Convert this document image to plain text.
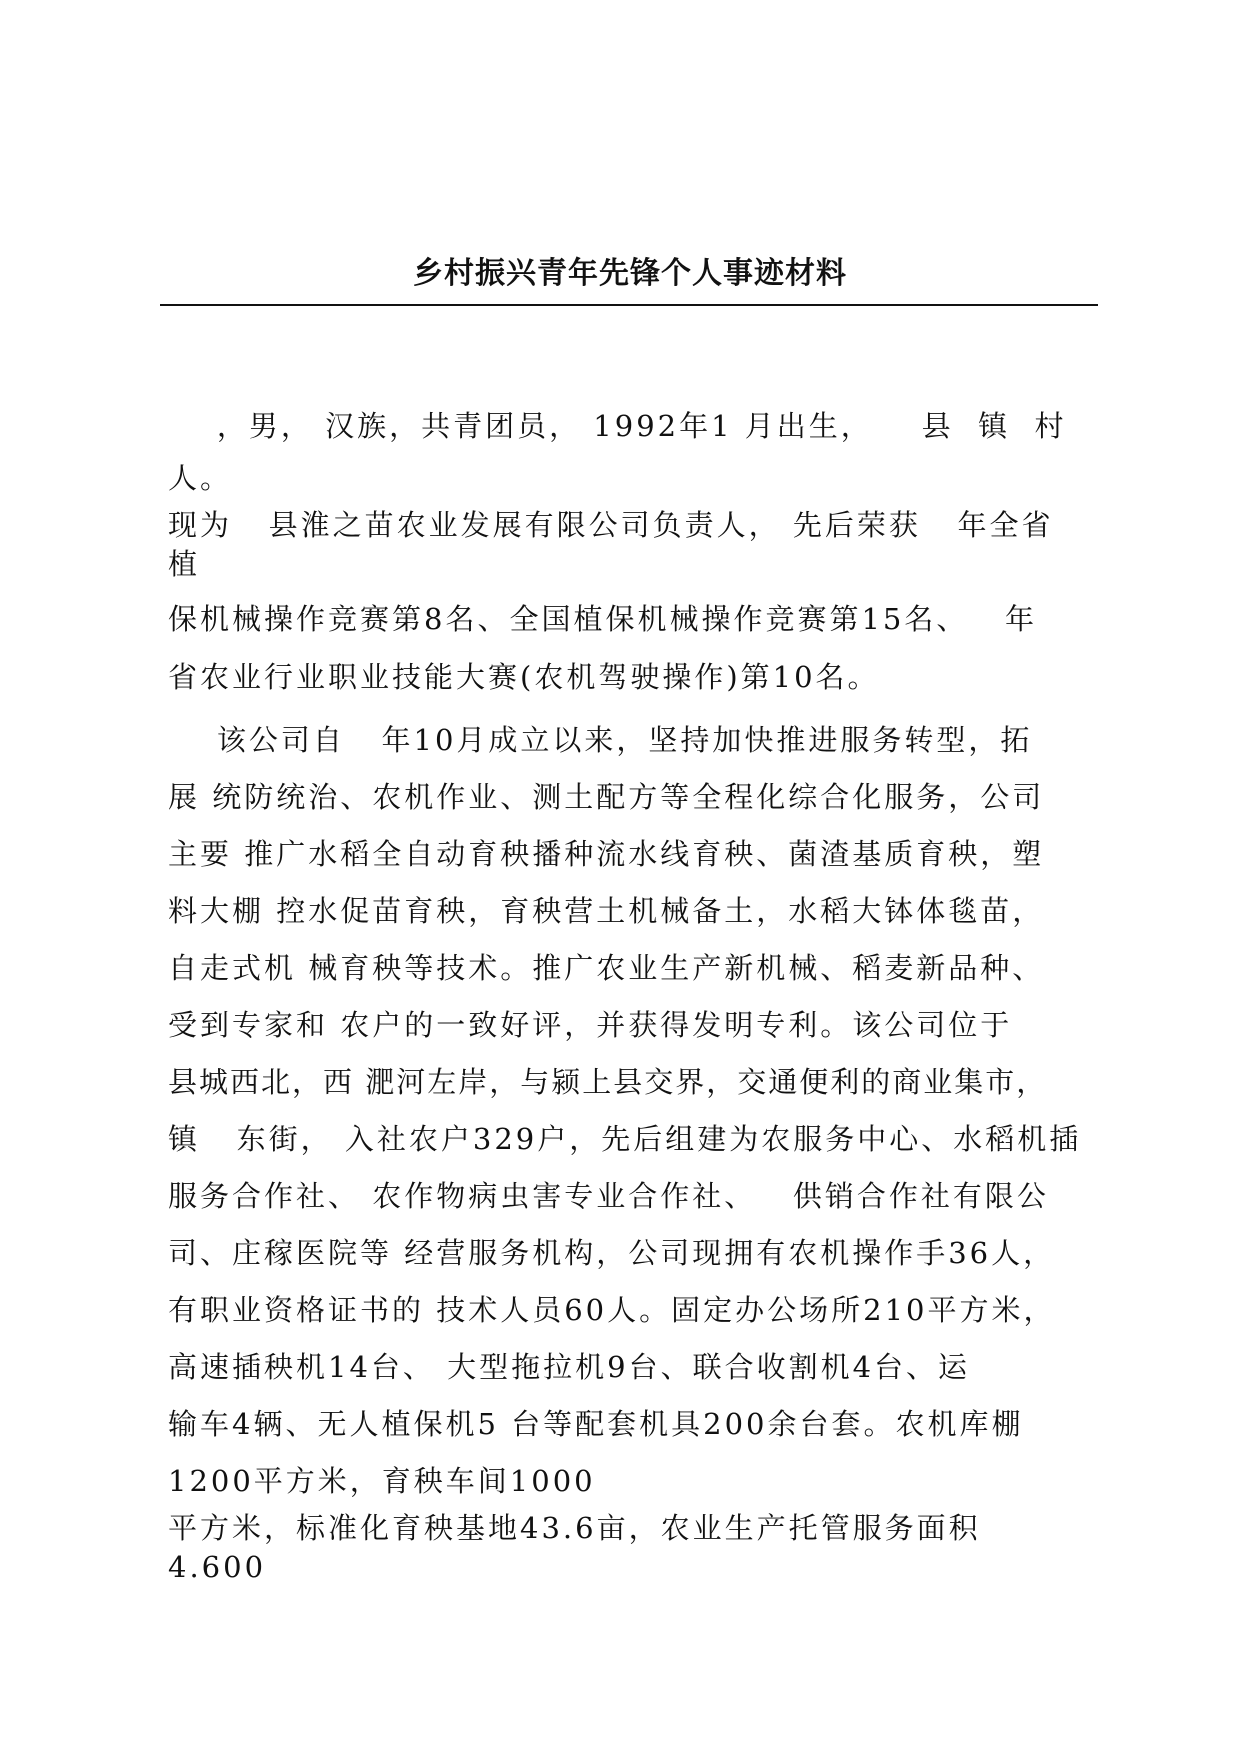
乡村振兴青年先锋个人事迹材料

，男， 汉族，共青团员， 1992年1 月出生，    县  镇  村

人。

现为   县淮之苗农业发展有限公司负责人， 先后荣获   年全省

植

保机械操作竞赛第8名、全国植保机械操作竞赛第15名、   年

省农业行业职业技能大赛(农机驾驶操作)第10名。

该公司自   年10月成立以来，坚持加快推进服务转型，拓

展 统防统治、农机作业、测土配方等全程化综合化服务，公司

主要 推广水稻全自动育秧播种流水线育秧、菌渣基质育秧，塑

料大棚 控水促苗育秧，育秧营土机械备土，水稻大钵体毯苗，

自走式机 械育秧等技术。推广农业生产新机械、稻麦新品种、

受到专家和 农户的一致好评，并获得发明专利。该公司位于

县城西北，西 淝河左岸，与颍上县交界，交通便利的商业集市，

镇   东街， 入社农户329户，先后组建为农服务中心、水稻机插

服务合作社、 农作物病虫害专业合作社、   供销合作社有限公

司、庄稼医院等 经营服务机构，公司现拥有农机操作手36人，

有职业资格证书的 技术人员60人。固定办公场所210平方米，

高速插秧机14台、 大型拖拉机9台、联合收割机4台、运

输车4辆、无人植保机5 台等配套机具200余台套。农机库棚

1200平方米，育秧车间1000

平方米，标准化育秧基地43.6亩，农业生产托管服务面积

4.600
